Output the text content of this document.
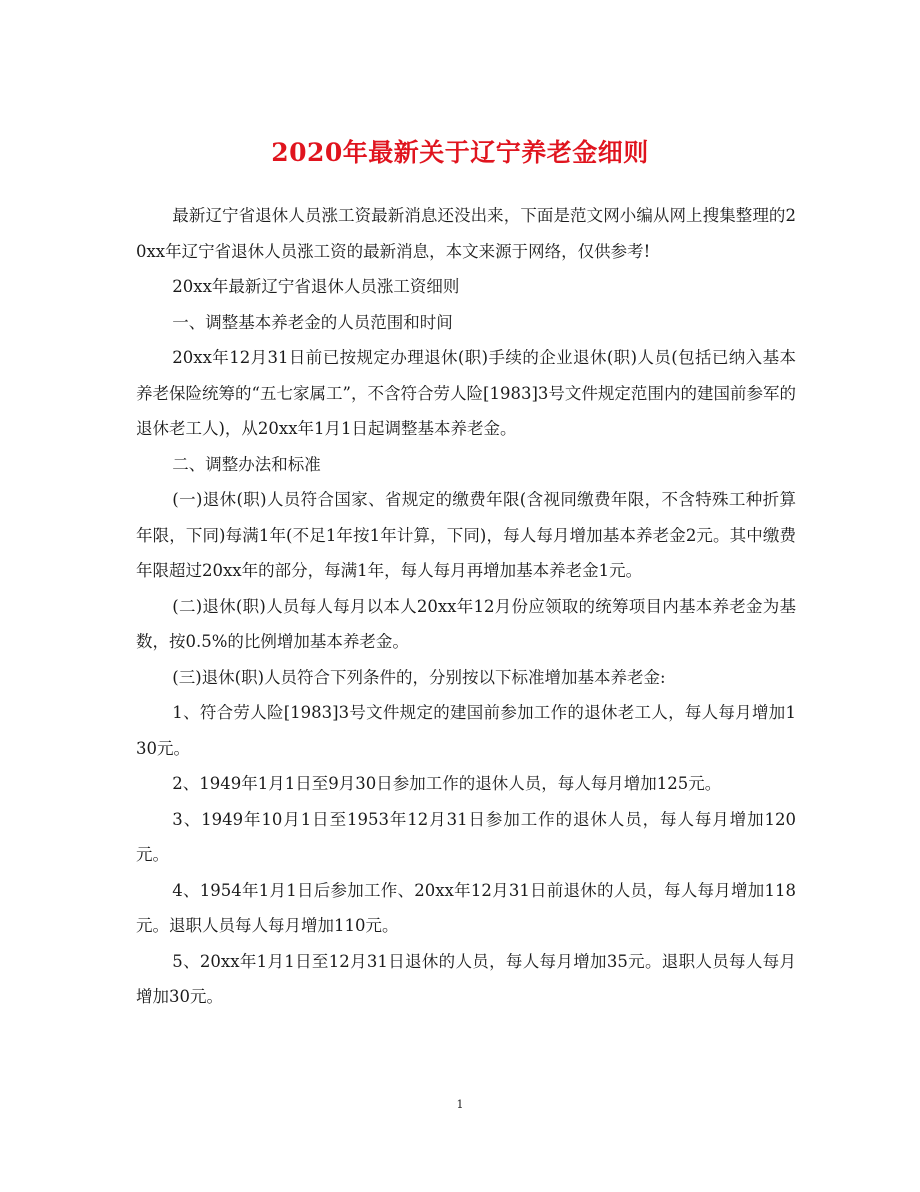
2020年最新关于辽宁养老金细则

最新辽宁省退休人员涨工资最新消息还没出来，下面是范文网小编从网上搜集整理的20xx年辽宁省退休人员涨工资的最新消息，本文来源于网络，仅供参考!

20xx年最新辽宁省退休人员涨工资细则

一、调整基本养老金的人员范围和时间

20xx年12月31日前已按规定办理退休(职)手续的企业退休(职)人员(包括已纳入基本养老保险统筹的“五七家属工”，不含符合劳人险[1983]3号文件规定范围内的建国前参军的退休老工人)，从20xx年1月1日起调整基本养老金。

二、调整办法和标准

(一)退休(职)人员符合国家、省规定的缴费年限(含视同缴费年限，不含特殊工种折算年限，下同)每满1年(不足1年按1年计算，下同)，每人每月增加基本养老金2元。其中缴费年限超过20xx年的部分，每满1年，每人每月再增加基本养老金1元。

(二)退休(职)人员每人每月以本人20xx年12月份应领取的统筹项目内基本养老金为基数，按0.5%的比例增加基本养老金。

(三)退休(职)人员符合下列条件的，分别按以下标准增加基本养老金:

1、符合劳人险[1983]3号文件规定的建国前参加工作的退休老工人，每人每月增加130元。

2、1949年1月1日至9月30日参加工作的退休人员，每人每月增加125元。

3、1949年10月1日至1953年12月31日参加工作的退休人员，每人每月增加120元。

4、1954年1月1日后参加工作、20xx年12月31日前退休的人员，每人每月增加118元。退职人员每人每月增加110元。

5、20xx年1月1日至12月31日退休的人员，每人每月增加35元。退职人员每人每月增加30元。

1
